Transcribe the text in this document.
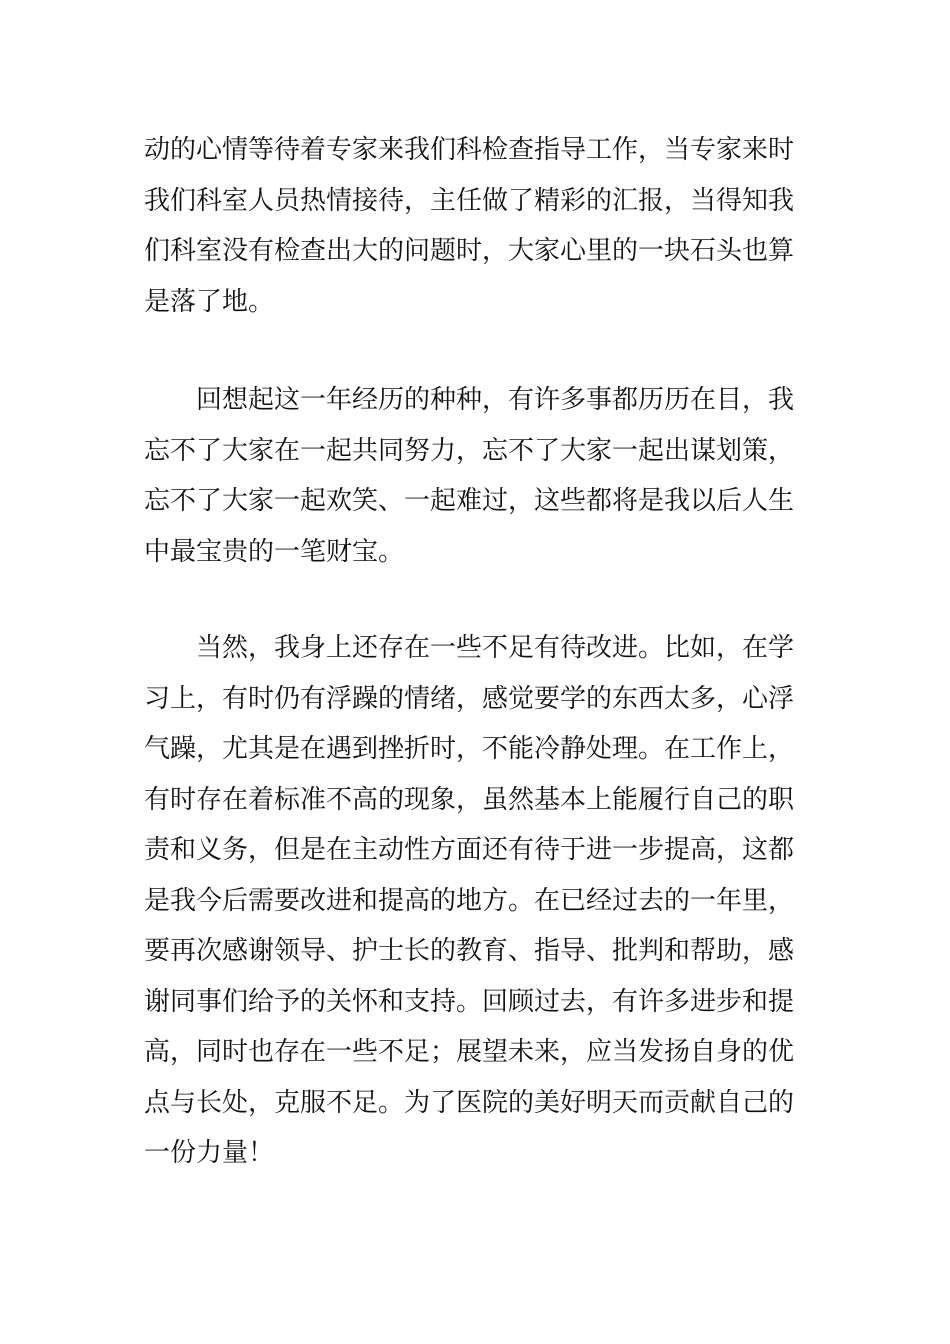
动的心情等待着专家来我们科检查指导工作，当专家来时
我们科室人员热情接待，主任做了精彩的汇报，当得知我
们科室没有检查出大的问题时，大家心里的一块石头也算
是落了地。

　　回想起这一年经历的种种，有许多事都历历在目，我
忘不了大家在一起共同努力，忘不了大家一起出谋划策，
忘不了大家一起欢笑、一起难过，这些都将是我以后人生
中最宝贵的一笔财宝。

　　当然，我身上还存在一些不足有待改进。比如，在学
习上，有时仍有浮躁的情绪，感觉要学的东西太多，心浮
气躁，尤其是在遇到挫折时，不能冷静处理。在工作上，
有时存在着标准不高的现象，虽然基本上能履行自己的职
责和义务，但是在主动性方面还有待于进一步提高，这都
是我今后需要改进和提高的地方。在已经过去的一年里，
要再次感谢领导、护士长的教育、指导、批判和帮助，感
谢同事们给予的关怀和支持。回顾过去，有许多进步和提
高，同时也存在一些不足；展望未来，应当发扬自身的优
点与长处，克服不足。为了医院的美好明天而贡献自己的
一份力量！
